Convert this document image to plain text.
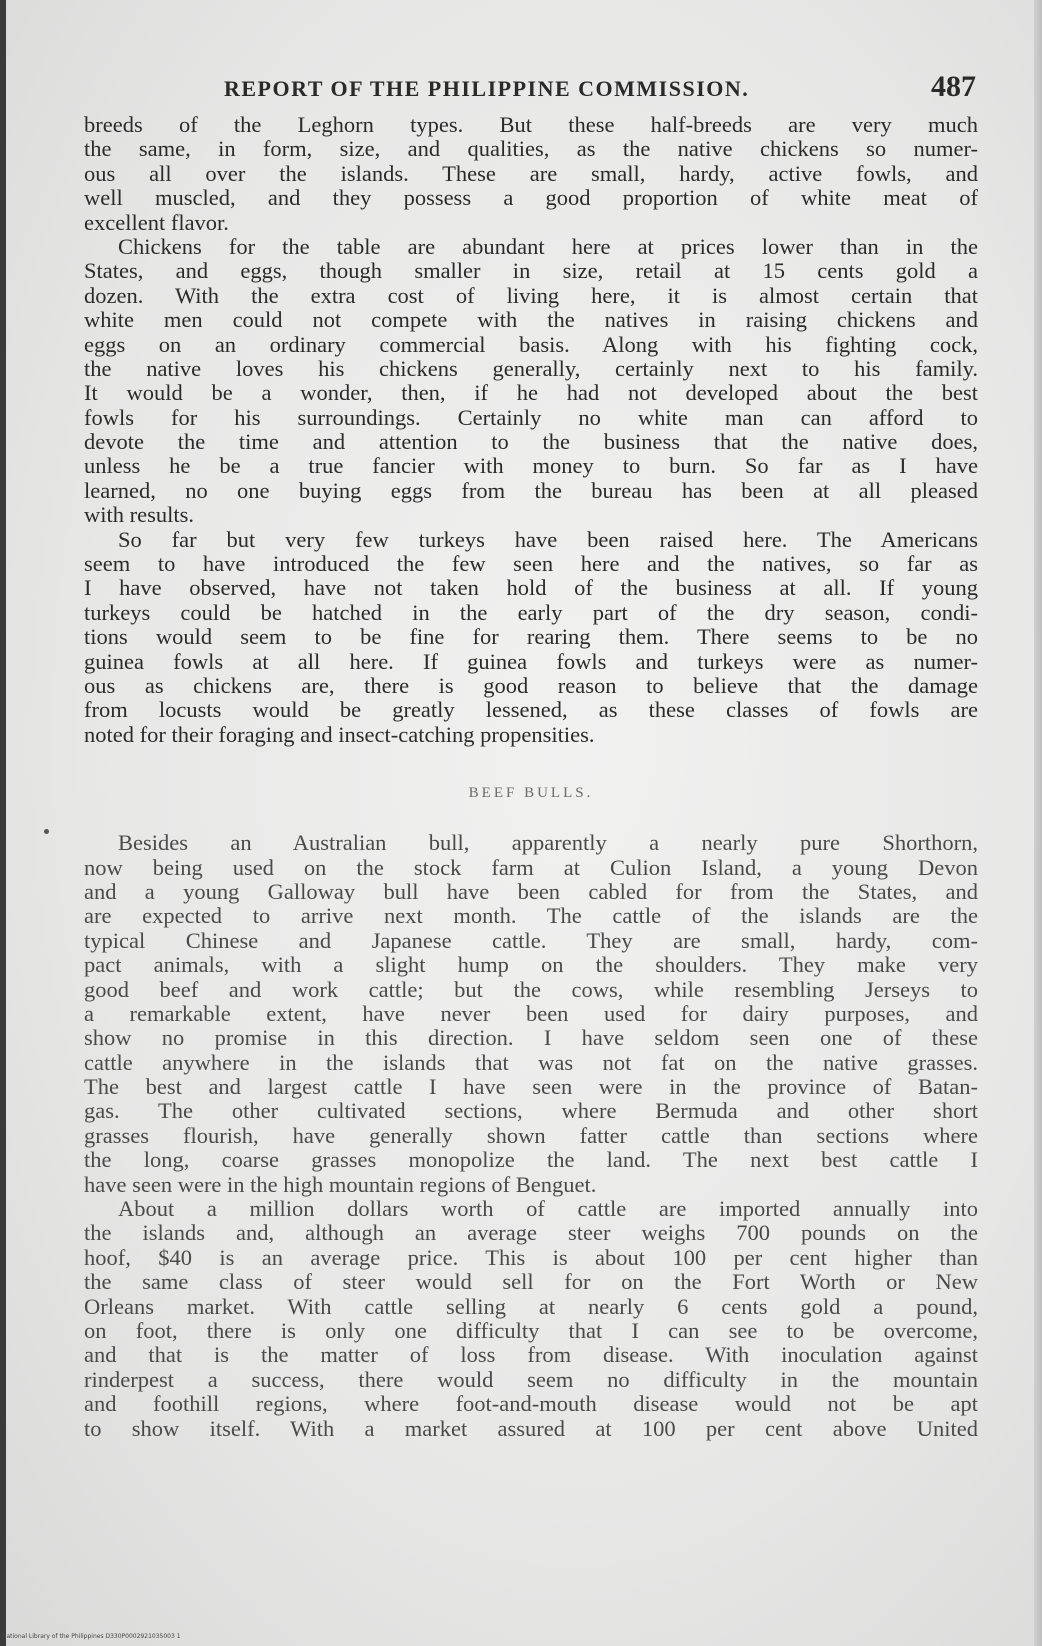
REPORT OF THE PHILIPPINE COMMISSION.	487
breeds of the Leghorn types. But these half-breeds are very much
the same, in form, size, and qualities, as the native chickens so numer-
ous all over the islands. These are small, hardy, active fowls, and
well muscled, and they possess a good proportion of white meat of
excellent flavor.
Chickens for the table are abundant here at prices lower than in the
States, and eggs, though smaller in size, retail at 15 cents gold a
dozen. With the extra cost of living here, it is almost certain that
white men could not compete with the natives in raising chickens and
eggs on an ordinary commercial basis. Along with his fighting cock,
the native loves his chickens generally, certainly next to his family.
It would be a wonder, then, if he had not developed about the best
fowls for his surroundings. Certainly no white man can afford to
devote the time and attention to the business that the native does,
unless he be a true fancier with money to burn. So far as I have
learned, no one buying eggs from the bureau has been at all pleased
with results.
So far but very few turkeys have been raised here. The Americans
seem to have introduced the few seen here and the natives, so far as
I have observed, have not taken hold of the business at all. If young
turkeys could be hatched in the early part of the dry season, condi-
tions would seem to be fine for rearing them. There seems to be no
guinea fowls at all here. If guinea fowls and turkeys were as numer-
ous as chickens are, there is good reason to believe that the damage
from locusts would be greatly lessened, as these classes of fowls are
noted for their foraging and insect-catching propensities.
BEEF BULLS.
Besides an Australian bull, apparently a nearly pure Shorthorn,
now being used on the stock farm at Culion Island, a young Devon
and a young Galloway bull have been cabled for from the States, and
are expected to arrive next month. The cattle of the islands are the
typical Chinese and Japanese cattle. They are small, hardy, com-
pact animals, with a slight hump on the shoulders. They make very
good beef and work cattle; but the cows, while resembling Jerseys to
a remarkable extent, have never been used for dairy purposes, and
show no promise in this direction. I have seldom seen one of these
cattle anywhere in the islands that was not fat on the native grasses.
The best and largest cattle I have seen were in the province of Batan-
gas. The other cultivated sections, where Bermuda and other short
grasses flourish, have generally shown fatter cattle than sections where
the long, coarse grasses monopolize the land. The next best cattle I
have seen were in the high mountain regions of Benguet.
About a million dollars worth of cattle are imported annually into
the islands and, although an average steer weighs 700 pounds on the
hoof, $40 is an average price. This is about 100 per cent higher than
the same class of steer would sell for on the Fort Worth or New
Orleans market. With cattle selling at nearly 6 cents gold a pound,
on foot, there is only one difficulty that I can see to be overcome,
and that is the matter of loss from disease. With inoculation against
rinderpest a success, there would seem no difficulty in the mountain
and foothill regions, where foot-and-mouth disease would not be apt
to show itself. With a market assured at 100 per cent above United
National Library of the Philippines D330P0002921035003 1
